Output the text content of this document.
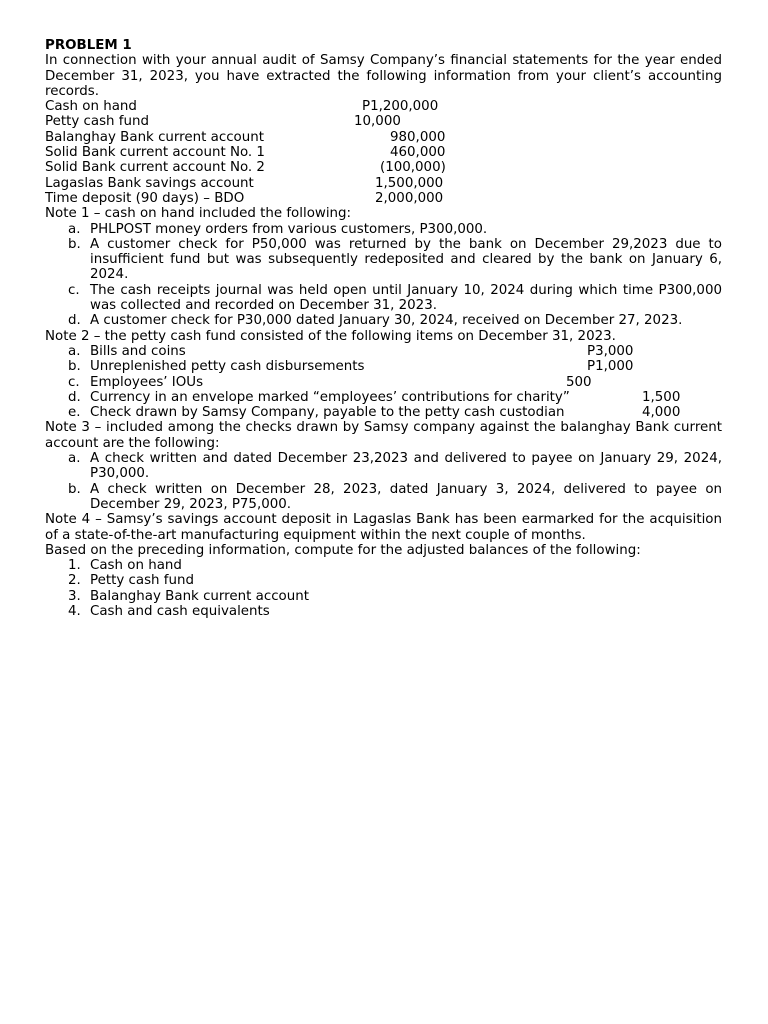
PROBLEM 1
In connection with your annual audit of Samsy Company’s financial statements for the year ended December 31, 2023, you have extracted the following information from your client’s accounting records.
Cash on hand	P1,200,000
Petty cash fund	10,000
Balanghay Bank current account	980,000
Solid Bank current account No. 1	460,000
Solid Bank current account No. 2	(100,000)
Lagaslas Bank savings account	1,500,000
Time deposit (90 days) – BDO	2,000,000
Note 1 – cash on hand included the following:
a. PHLPOST money orders from various customers, P300,000.
b. A customer check for P50,000 was returned by the bank on December 29,2023 due to insufficient fund but was subsequently redeposited and cleared by the bank on January 6, 2024.
c. The cash receipts journal was held open until January 10, 2024 during which time P300,000 was collected and recorded on December 31, 2023.
d. A customer check for P30,000 dated January 30, 2024, received on December 27, 2023.
Note 2 – the petty cash fund consisted of the following items on December 31, 2023.
a. Bills and coins	P3,000
b. Unreplenished petty cash disbursements	P1,000
c. Employees’ IOUs	500
d. Currency in an envelope marked “employees’ contributions for charity”	1,500
e. Check drawn by Samsy Company, payable to the petty cash custodian	4,000
Note 3 – included among the checks drawn by Samsy company against the balanghay Bank current account are the following:
a. A check written and dated December 23,2023 and delivered to payee on January 29, 2024, P30,000.
b. A check written on December 28, 2023, dated January 3, 2024, delivered to payee on December 29, 2023, P75,000.
Note 4 – Samsy’s savings account deposit in Lagaslas Bank has been earmarked for the acquisition of a state-of-the-art manufacturing equipment within the next couple of months.
Based on the preceding information, compute for the adjusted balances of the following:
1. Cash on hand
2. Petty cash fund
3. Balanghay Bank current account
4. Cash and cash equivalents
